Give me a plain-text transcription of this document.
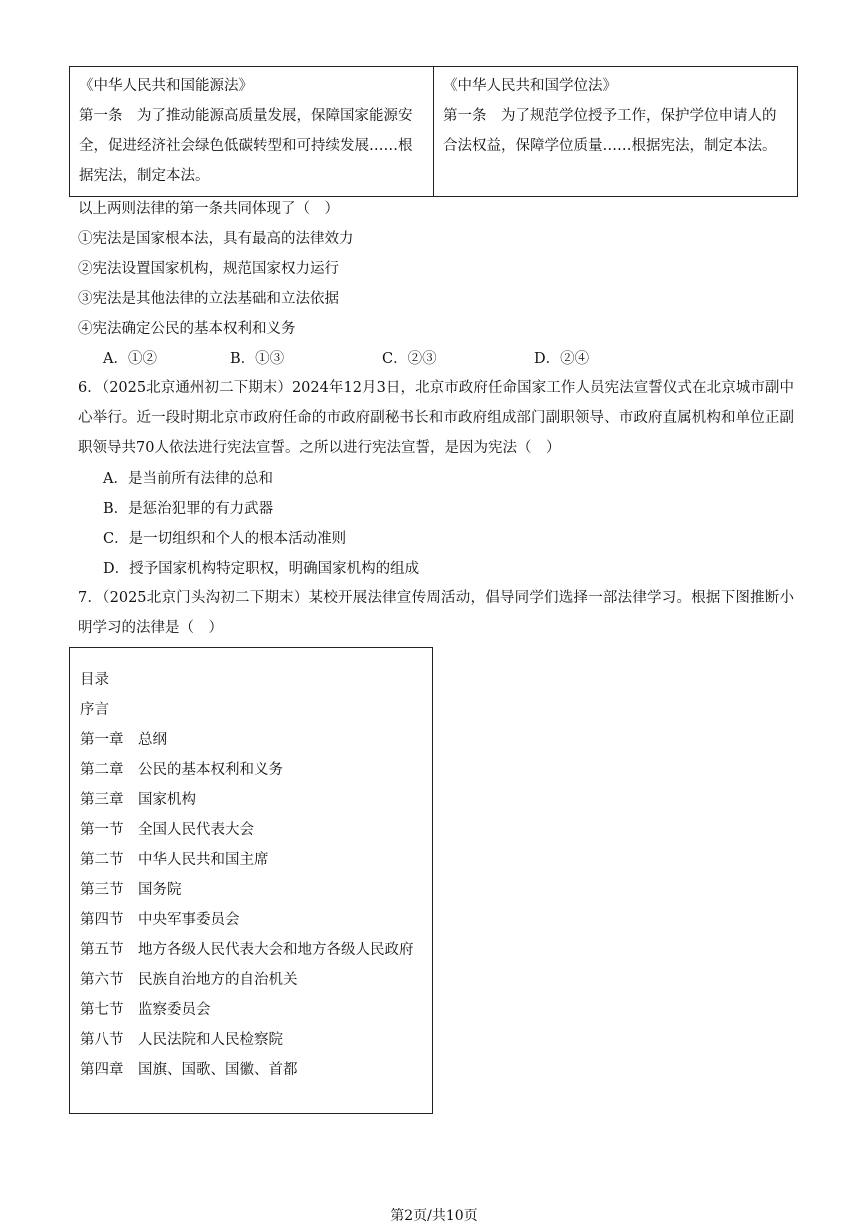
《中华人民共和国能源法》
第一条　为了推动能源高质量发展，保障国家能源安全，促进经济社会绿色低碳转型和可持续发展……根据宪法，制定本法。
《中华人民共和国学位法》
第一条　为了规范学位授予工作，保护学位申请人的合法权益，保障学位质量……根据宪法，制定本法。
以上两则法律的第一条共同体现了（　）
①宪法是国家根本法，具有最高的法律效力
②宪法设置国家机构，规范国家权力运行
③宪法是其他法律的立法基础和立法依据
④宪法确定公民的基本权利和义务
A．①②	B．①③	C．②③	D．②④
6．（2025北京通州初二下期末）2024年12月3日，北京市政府任命国家工作人员宪法宣誓仪式在北京城市副中心举行。近一段时期北京市政府任命的市政府副秘书长和市政府组成部门副职领导、市政府直属机构和单位正副职领导共70人依法进行宪法宣誓。之所以进行宪法宣誓，是因为宪法（　）
A．是当前所有法律的总和
B．是惩治犯罪的有力武器
C．是一切组织和个人的根本活动准则
D．授予国家机构特定职权，明确国家机构的组成
7．（2025北京门头沟初二下期末）某校开展法律宣传周活动，倡导同学们选择一部法律学习。根据下图推断小明学习的法律是（　）
目录
序言
第一章　总纲
第二章　公民的基本权利和义务
第三章　国家机构
第一节　全国人民代表大会
第二节　中华人民共和国主席
第三节　国务院
第四节　中央军事委员会
第五节　地方各级人民代表大会和地方各级人民政府
第六节　民族自治地方的自治机关
第七节　监察委员会
第八节　人民法院和人民检察院
第四章　国旗、国歌、国徽、首都
第2页/共10页
